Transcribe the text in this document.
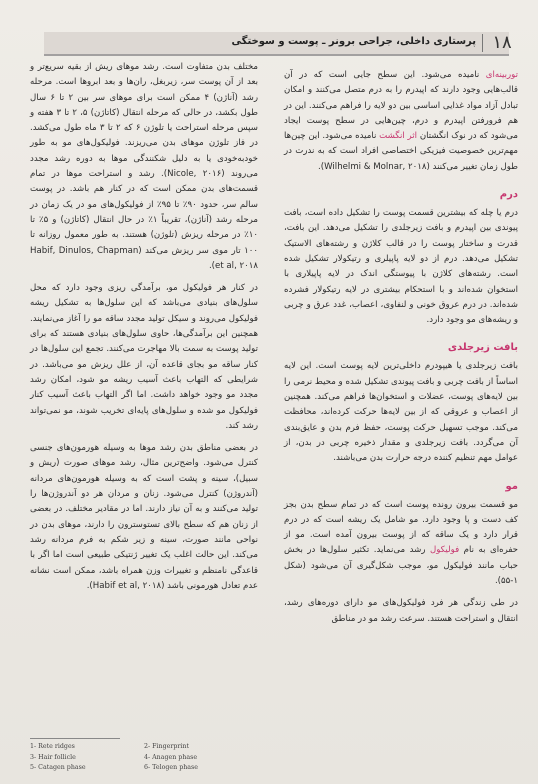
۱۸
پرستاری داخلی، جراحی برونر ـ پوست و سوختگی

توربینه‌ای نامیده می‌شود. این سطح جایی است که در آن قالب‌هایی وجود دارند که اپیدرم را به درم متصل می‌کنند و امکان تبادل آزاد مواد غذایی اساسی بین دو لایه را فراهم می‌کنند. این در هم فرورفتن اپیدرم و درم، چین‌هایی در سطح پوست ایجاد می‌شود که در نوک انگشتان اثر انگشت نامیده می‌شود. این چین‌ها مهم‌ترین خصوصیت فیزیکی اختصاصی افراد است که به ندرت در طول زمان تغییر می‌کنند (Wilhelmi & Molnar, ۲۰۱۸).

درم

درم یا چله که بیشترین قسمت پوست را تشکیل داده است، بافت پیوندی بین اپیدرم و بافت زیرجلدی را تشکیل می‌دهد. این بافت، قدرت و ساختار پوست را در قالب کلاژن و رشته‌های الاستیک تشکیل می‌دهد. درم از دو لایه پاپیلری و رتیکولار تشکیل شده است. رشته‌های کلاژن با پیوستگی اندک در لایه پاپیلاری با استخوان شده‌اند و با استحکام بیشتری در لایه رتیکولار فشرده شده‌اند. در درم عروق خونی و لنفاوی، اعصاب، غدد عرق و چربی و ریشه‌های مو وجود دارد.

بافت زیرجلدی

بافت زیرجلدی یا هیپودرم داخلی‌ترین لایه پوست است. این لایه اساساً از بافت چربی و بافت پیوندی تشکیل شده و محیط نرمی را بین لایه‌های پوست، عضلات و استخوان‌ها فراهم می‌کند. همچنین از اعصاب و عروقی که از بین لایه‌ها حرکت کرده‌اند، محافظت می‌کند. موجب تسهیل حرکت پوست، حفظ فرم بدن و عایق‌بندی آن می‌گردد. بافت زیرجلدی و مقدار ذخیره چربی در بدن، از عوامل مهم تنظیم کننده درجه حرارت بدن می‌باشند.

مو

مو قسمت بیرون رونده پوست است که در تمام سطح بدن بجز کف دست و پا وجود دارد. مو شامل یک ریشه است که در درم قرار دارد و یک ساقه که از پوست بیرون آمده است. مو از حفره‌ای به نام فولیکول رشد می‌نماید. تکثیر سلول‌ها در بخش حباب مانند فولیکول مو، موجب شکل‌گیری آن می‌شود (شکل ۱-۵۵).

در طی زندگی هر فرد فولیکول‌های مو دارای دوره‌های رشد، انتقال و استراحت هستند. سرعت رشد مو در مناطق

مختلف بدن متفاوت است. رشد موهای ریش از بقیه سریع‌تر و بعد از آن پوست سر، زیربغل، ران‌ها و بعد ابروها است. مرحله رشد (آناژن) ۴ ممکن است برای موهای سر بین ۲ تا ۶ سال طول بکشد، در حالی که مرحله انتقال (کاتاژن) ۵، ۲ تا ۳ هفته و سپس مرحله استراحت یا تلوژن ۶ که ۲ تا ۳ ماه طول می‌کشد. در فاز تلوژن موهای بدن می‌ریزند. فولیکول‌های مو به طور خودبه‌خودی یا به دلیل شکنندگی موها به دوره رشد مجدد می‌روند (Nicole, ۲۰۱۶). رشد و استراحت موها در تمام قسمت‌های بدن ممکن است که در کنار هم باشد. در پوست سالم سر، حدود ۹۰٪ تا ۹۵٪ از فولیکول‌های مو در یک زمان در مرحله رشد (آناژن)، تقریباً ۱٪ در حال انتقال (کاتاژن) و ۵٪ تا ۱۰٪ در مرحله ریزش (تلوژن) هستند. به طور معمول روزانه تا ۱۰۰ تار موی سر ریزش می‌کند (Habif, Dinulos, Chapman et al, ۲۰۱۸).

در کنار هر فولیکول مو، برآمدگی ریزی وجود دارد که محل سلول‌های بنیادی می‌باشد که این سلول‌ها به تشکیل ریشه فولیکول می‌روند و سیکل تولید مجدد ساقه مو را آغاز می‌نمایند. همچنین این برآمدگی‌ها، حاوی سلول‌های بنیادی هستند که برای تولید پوست به سمت بالا مهاجرت می‌کنند. تجمع این سلول‌ها در کنار ساقه مو بجای قاعده آن، از علل ریزش مو می‌باشد. در شرایطی که التهاب باعث آسیب ریشه مو شود، امکان رشد مجدد مو وجود خواهد داشت. اما اگر التهاب باعث آسیب کنار فولیکول مو شده و سلول‌های پایه‌ای تخریب شوند، مو نمی‌تواند رشد کند.

در بعضی مناطق بدن رشد موها به وسیله هورمون‌های جنسی کنترل می‌شود. واضح‌ترین مثال، رشد موهای صورت (ریش و سبیل)، سینه و پشت است که به وسیله هورمون‌های مردانه (آندروژن) کنترل می‌شود. زنان و مردان هر دو آندروژن‌ها را تولید می‌کنند و به آن نیاز دارند. اما در مقادیر مختلف. در بعضی از زنان هم که سطح بالای تستوسترون را دارند، موهای بدن در نواحی مانند صورت، سینه و زیر شکم به فرم مردانه رشد می‌کند. این حالت اغلب یک تغییر ژنتیکی طبیعی است اما اگر با قاعدگی نامنظم و تغییرات وزن همراه باشد، ممکن است نشانه عدم تعادل هورمونی باشد (Habif et al, ۲۰۱۸).

1- Rete ridges	2- Fingerprint
3- Hair follicle	4- Anagen phase
5- Catagen phase	6- Telogen phase
